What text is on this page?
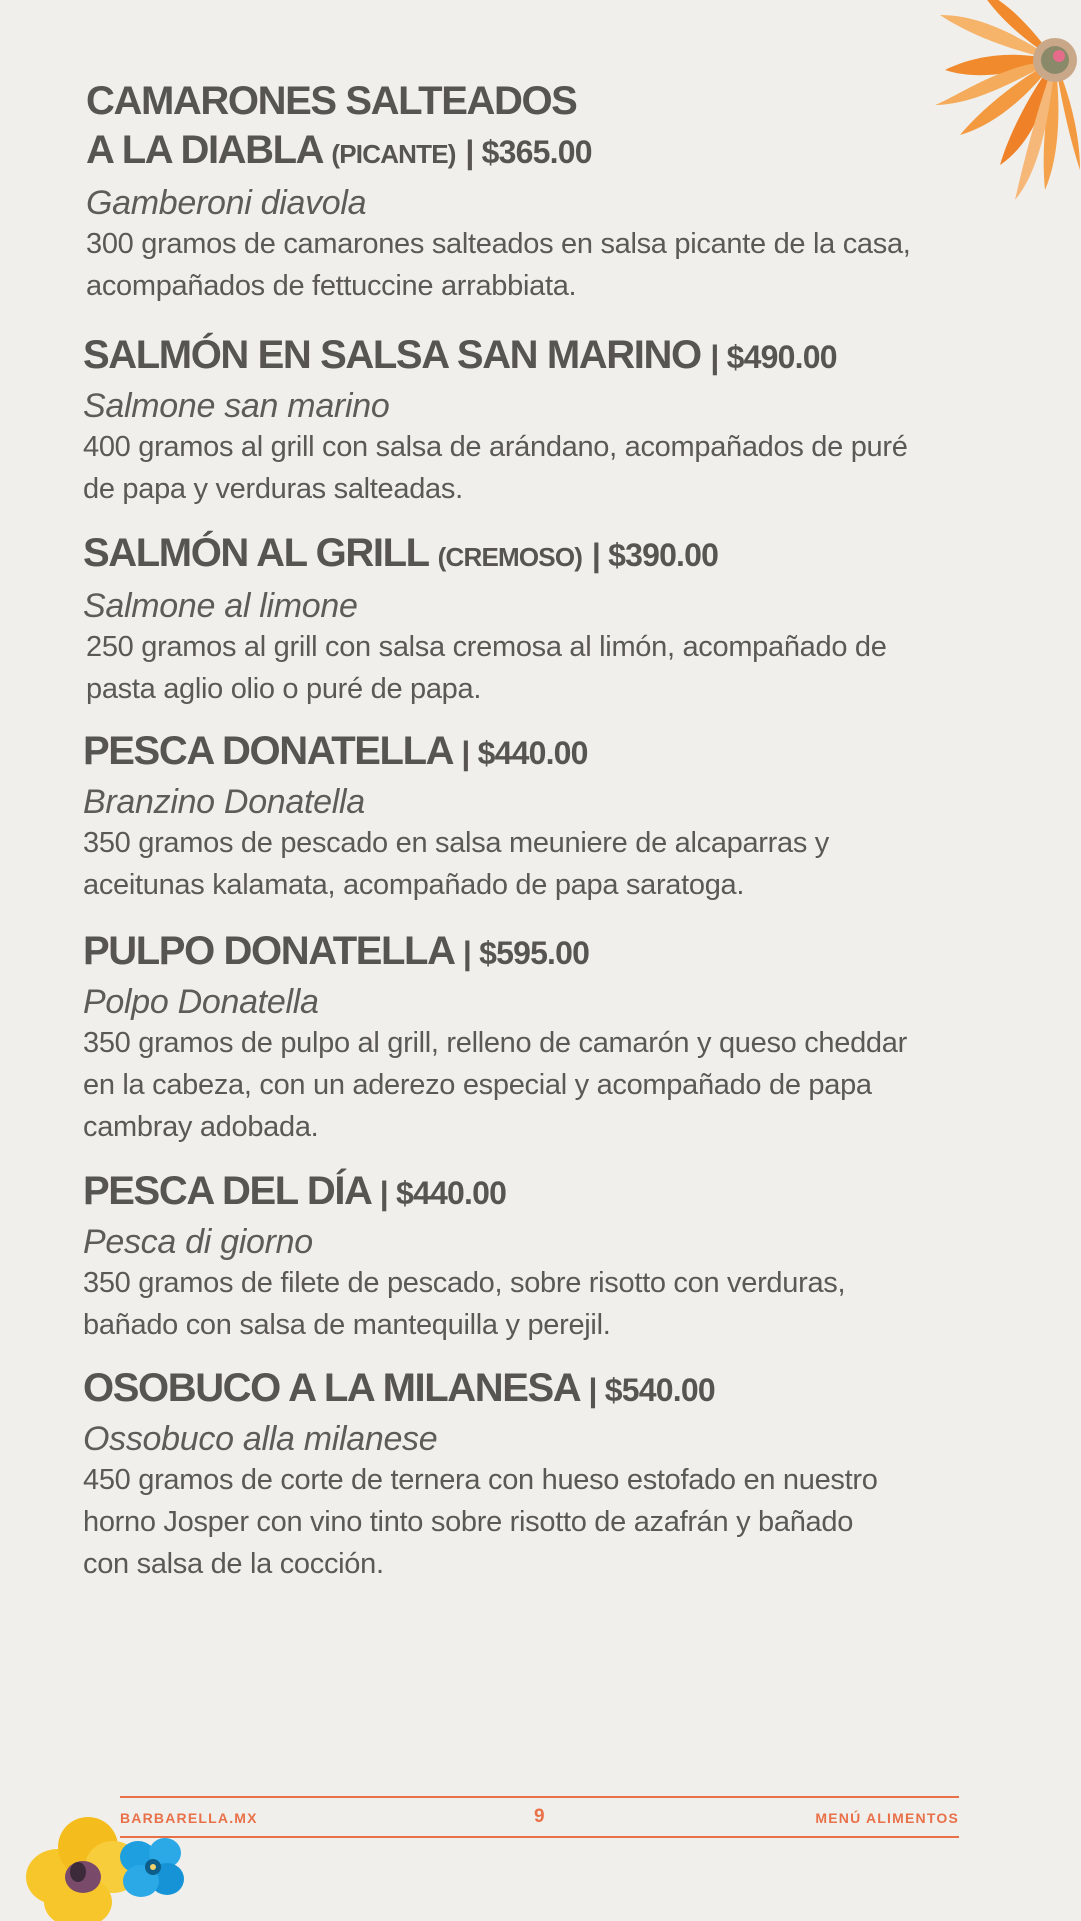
CAMARONES SALTEADOS
A LA DIABLA (PICANTE) | $365.00

Gamberoni diavola

300 gramos de camarones salteados en salsa picante de la casa,
acompañados de fettuccine arrabbiata.

SALMÓN EN SALSA SAN MARINO | $490.00

Salmone san marino

400 gramos al grill con salsa de arándano, acompañados de puré
de papa y verduras salteadas.

SALMÓN AL GRILL (CREMOSO) | $390.00

Salmone al limone

250 gramos al grill con salsa cremosa al limón, acompañado de
pasta aglio olio o puré de papa.

PESCA DONATELLA | $440.00

Branzino Donatella

350 gramos de pescado en salsa meuniere de alcaparras y
aceitunas kalamata, acompañado de papa saratoga.

PULPO DONATELLA | $595.00

Polpo Donatella

350 gramos de pulpo al grill, relleno de camarón y queso cheddar
en la cabeza, con un aderezo especial y acompañado de papa
cambray adobada.

PESCA DEL DÍA | $440.00

Pesca di giorno

350 gramos de filete de pescado, sobre risotto con verduras,
bañado con salsa de mantequilla y perejil.

OSOBUCO A LA MILANESA | $540.00

Ossobuco alla milanese

450 gramos de corte de ternera con hueso estofado en nuestro
horno Josper con vino tinto sobre risotto de azafrán y bañado
con salsa de la cocción.

BARBARELLA.MX	9	MENÚ ALIMENTOS
